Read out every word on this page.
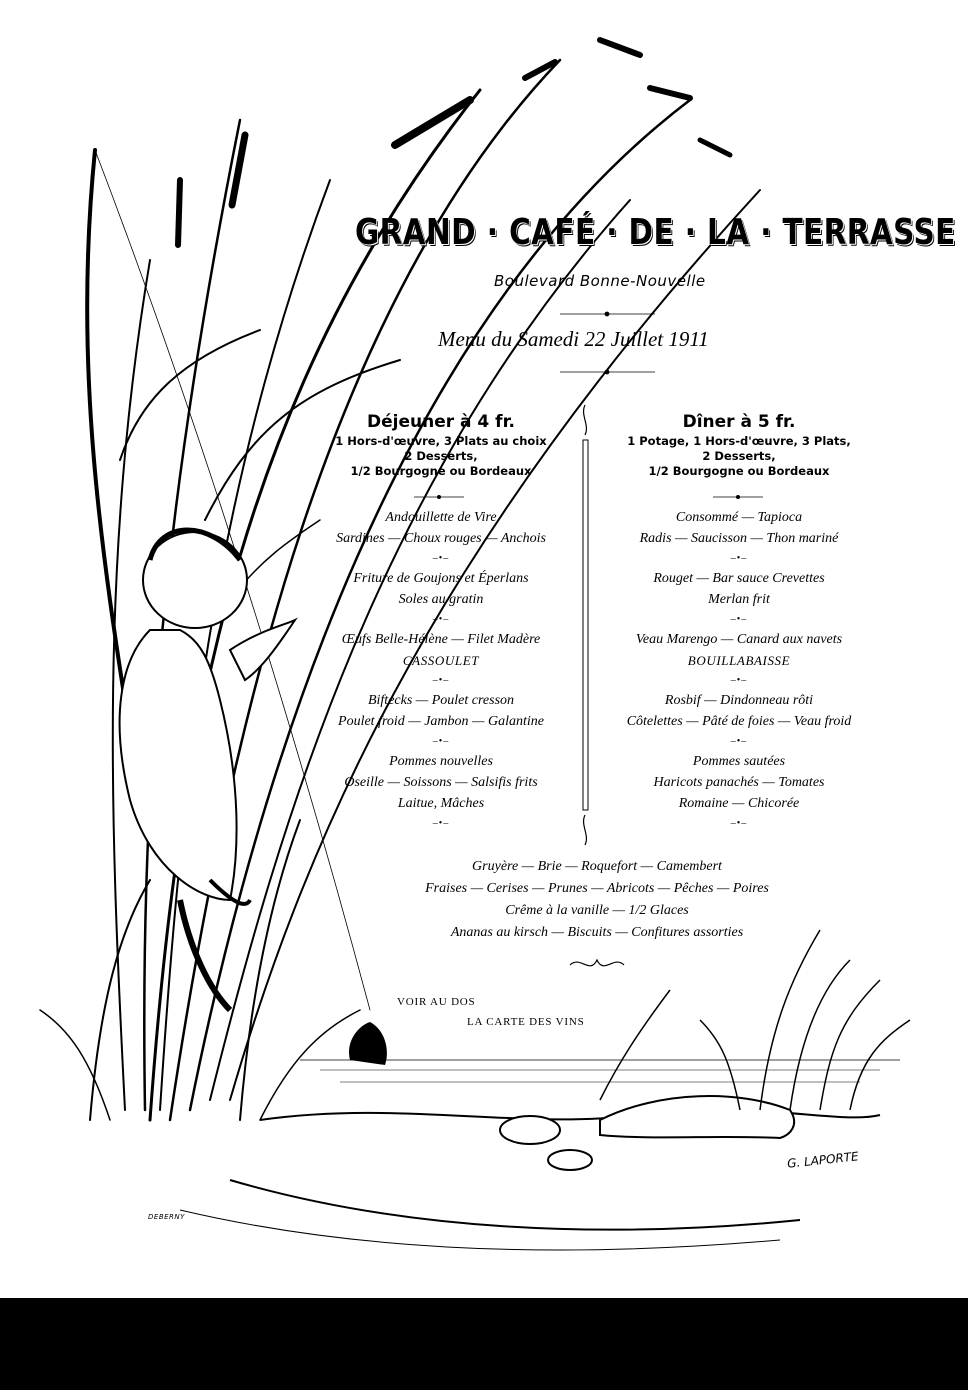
GRAND · CAFÉ · DE · LA · TERRASSE
Boulevard Bonne-Nouvelle
Menu du Samedi 22 Juillet 1911
Déjeuner à 4 fr.
1 Hors-d'œuvre, 3 Plats au choix
2 Desserts,
1/2 Bourgogne ou Bordeaux
Andouillette de Vire
Sardines — Choux rouges — Anchois
–•–
Friture de Goujons et Éperlans
Soles au gratin
–•–
Œufs Belle-Hélène — Filet Madère
CASSOULET
–•–
Biftecks — Poulet cresson
Poulet froid — Jambon — Galantine
–•–
Pommes nouvelles
Oseille — Soissons — Salsifis frits
Laitue, Mâches
–•–
Dîner à 5 fr.
1 Potage, 1 Hors-d'œuvre, 3 Plats,
2 Desserts,
1/2 Bourgogne ou Bordeaux
Consommé — Tapioca
Radis — Saucisson — Thon mariné
–•–
Rouget — Bar sauce Crevettes
Merlan frit
–•–
Veau Marengo — Canard aux navets
BOUILLABAISSE
–•–
Rosbif — Dindonneau rôti
Côtelettes — Pâté de foies — Veau froid
–•–
Pommes sautées
Haricots panachés — Tomates
Romaine — Chicorée
–•–
Gruyère — Brie — Roquefort — Camembert
Fraises — Cerises — Prunes — Abricots — Pêches — Poires
Crême à la vanille — 1/2 Glaces
Ananas au kirsch — Biscuits — Confitures assorties
VOIR AU DOS
LA CARTE DES VINS
G. LAPORTE
DEBERNY
